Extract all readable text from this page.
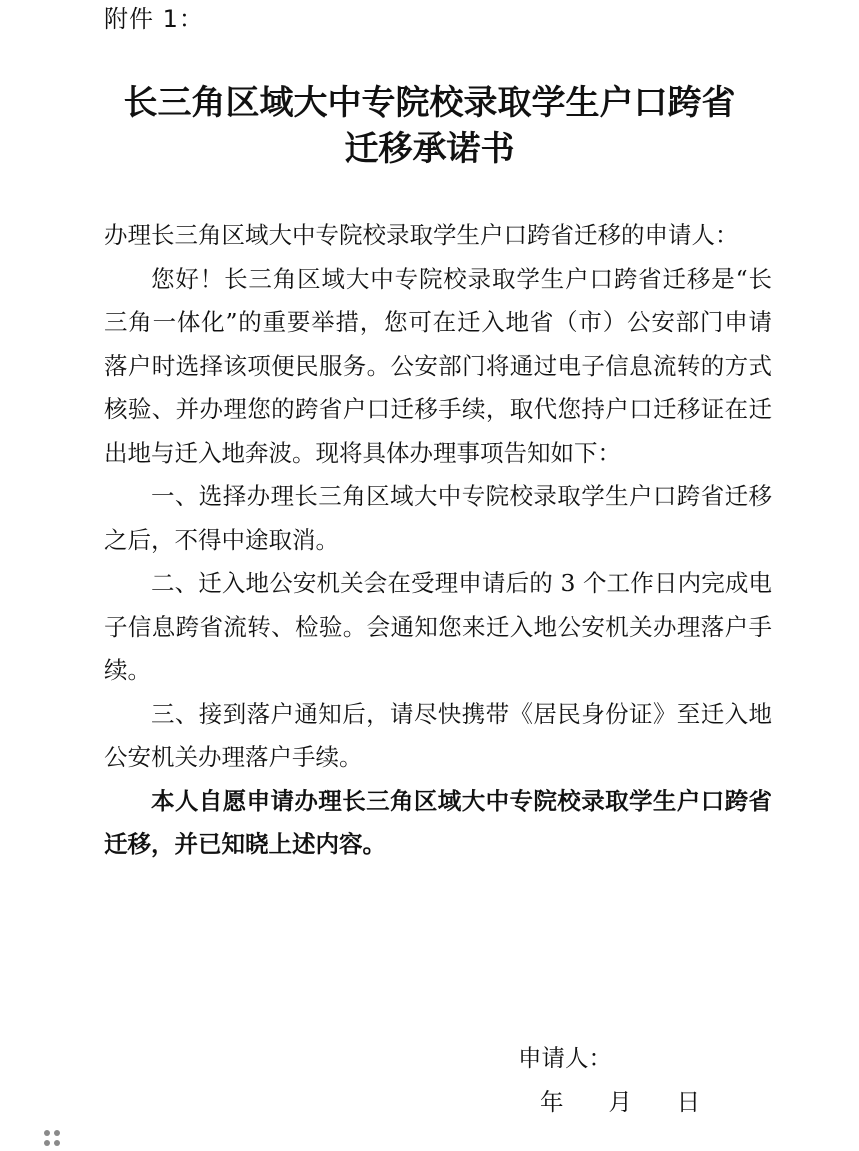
附件 1：
长三角区域大中专院校录取学生户口跨省
迁移承诺书

办理长三角区域大中专院校录取学生户口跨省迁移的申请人：

您好！长三角区域大中专院校录取学生户口跨省迁移是“长三角一体化”的重要举措，您可在迁入地省（市）公安部门申请落户时选择该项便民服务。公安部门将通过电子信息流转的方式核验、并办理您的跨省户口迁移手续，取代您持户口迁移证在迁出地与迁入地奔波。现将具体办理事项告知如下：

一、选择办理长三角区域大中专院校录取学生户口跨省迁移之后，不得中途取消。

二、迁入地公安机关会在受理申请后的 3 个工作日内完成电子信息跨省流转、检验。会通知您来迁入地公安机关办理落户手续。

三、接到落户通知后，请尽快携带《居民身份证》至迁入地公安机关办理落户手续。

本人自愿申请办理长三角区域大中专院校录取学生户口跨省迁移，并已知晓上述内容。

申请人：
年      月      日
